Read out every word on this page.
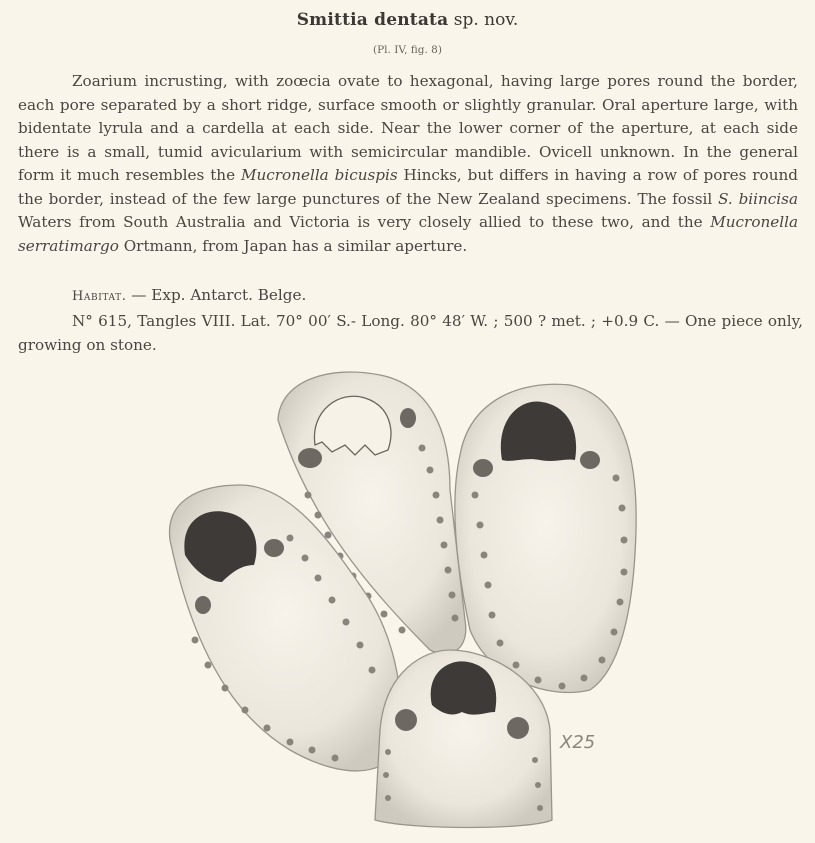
Smittia dentata sp. nov.
(Pl. IV, fig. 8)

Zoarium incrusting, with zoœcia ovate to hexagonal, having large pores round the border, each pore separated by a short ridge, surface smooth or slightly granular. Oral aperture large, with bidentate lyrula and a cardella at each side. Near the lower corner of the aperture, at each side there is a small, tumid avicularium with semicircular mandible. Ovicell unknown. In the general form it much resembles the Mucronella bicuspis Hincks, but differs in having a row of pores round the border, instead of the few large punctures of the New Zealand specimens. The fossil S. biincisa Waters from South Australia and Victoria is very closely allied to these two, and the Mucronella serratimargo Ortmann, from Japan has a similar aperture.

Habitat. — Exp. Antarct. Belge.

N° 615, Tangles VIII. Lat. 70° 00′ S.- Long. 80° 48′ W. ; 500 ? met. ; +0.9 C. — One piece only, growing on stone.

X25
